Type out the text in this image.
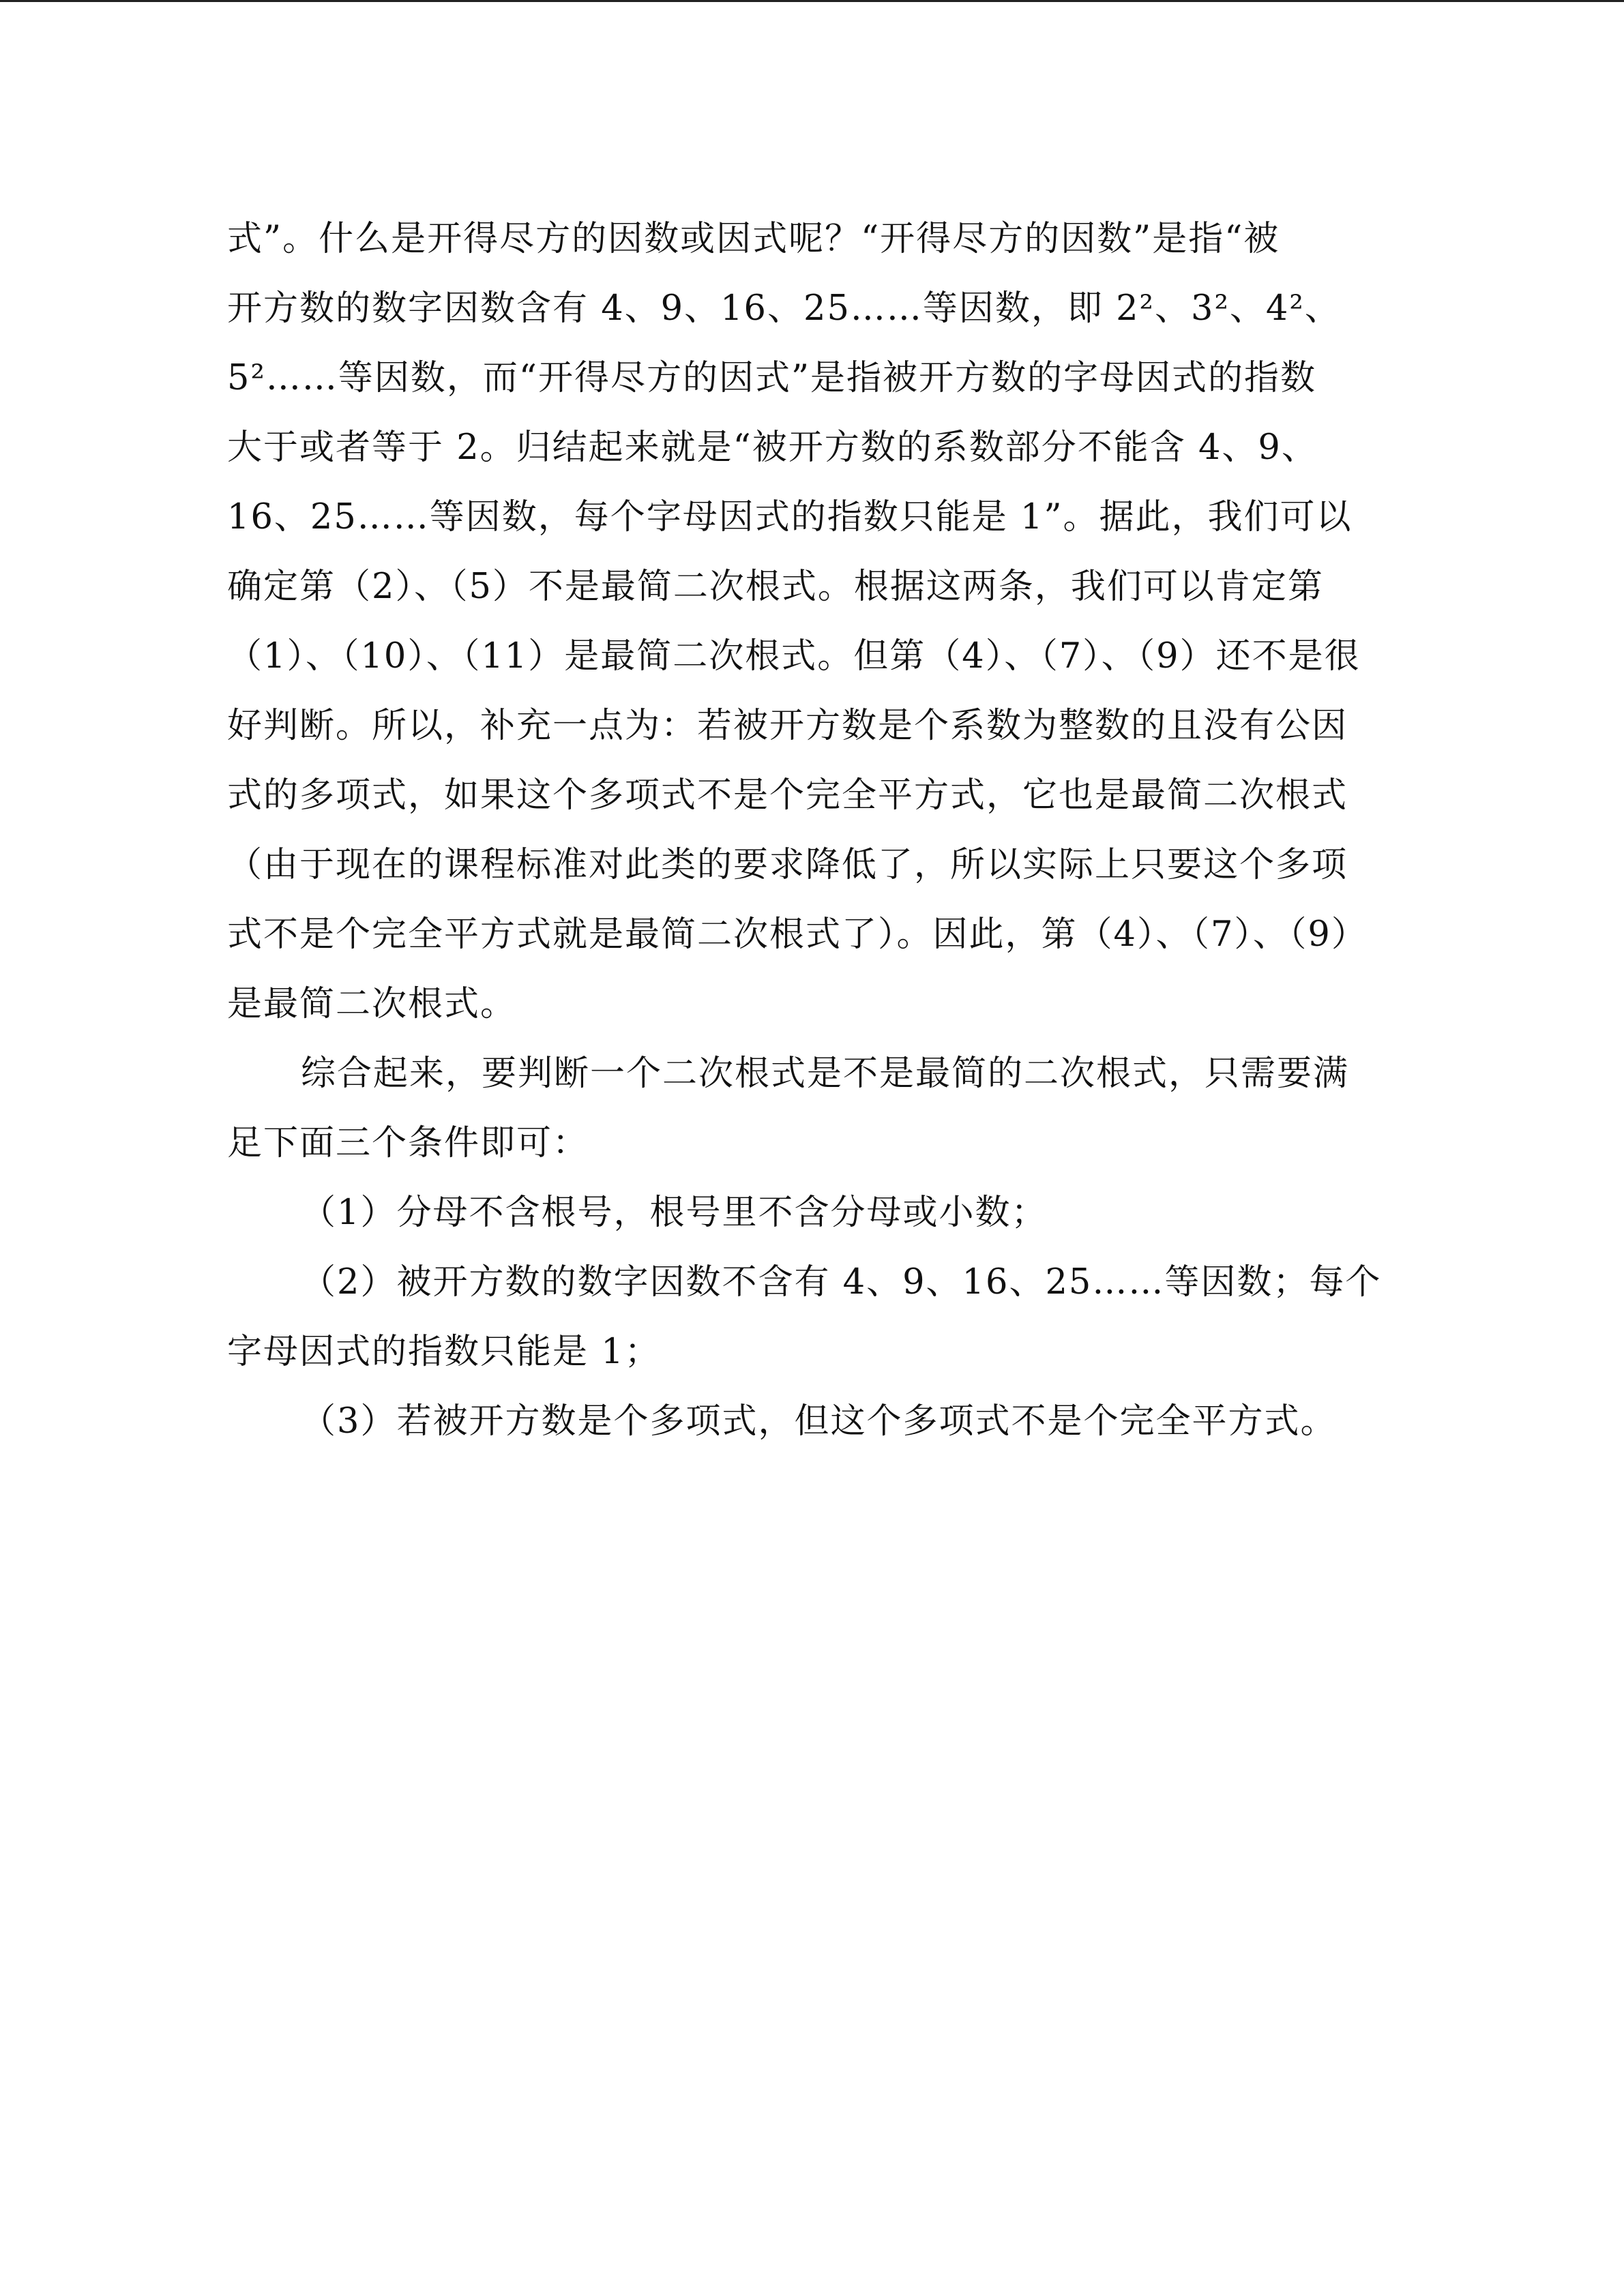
式”。什么是开得尽方的因数或因式呢？“开得尽方的因数”是指“被
开方数的数字因数含有 4、9、16、25……等因数，即 2²、3²、4²、
5²……等因数，而“开得尽方的因式”是指被开方数的字母因式的指数
大于或者等于 2。归结起来就是“被开方数的系数部分不能含 4、9、
16、25……等因数，每个字母因式的指数只能是 1”。据此，我们可以
确定第（2）、（5）不是最简二次根式。根据这两条，我们可以肯定第
（1）、（10）、（11）是最简二次根式。但第（4）、（7）、（9）还不是很
好判断。所以，补充一点为：若被开方数是个系数为整数的且没有公因
式的多项式，如果这个多项式不是个完全平方式，它也是最简二次根式
（由于现在的课程标准对此类的要求降低了，所以实际上只要这个多项
式不是个完全平方式就是最简二次根式了）。因此，第（4）、（7）、（9）
是最简二次根式。
综合起来，要判断一个二次根式是不是最简的二次根式，只需要满
足下面三个条件即可：
（1）分母不含根号，根号里不含分母或小数；
（2）被开方数的数字因数不含有 4、9、16、25……等因数；每个
字母因式的指数只能是 1；
（3）若被开方数是个多项式，但这个多项式不是个完全平方式。
